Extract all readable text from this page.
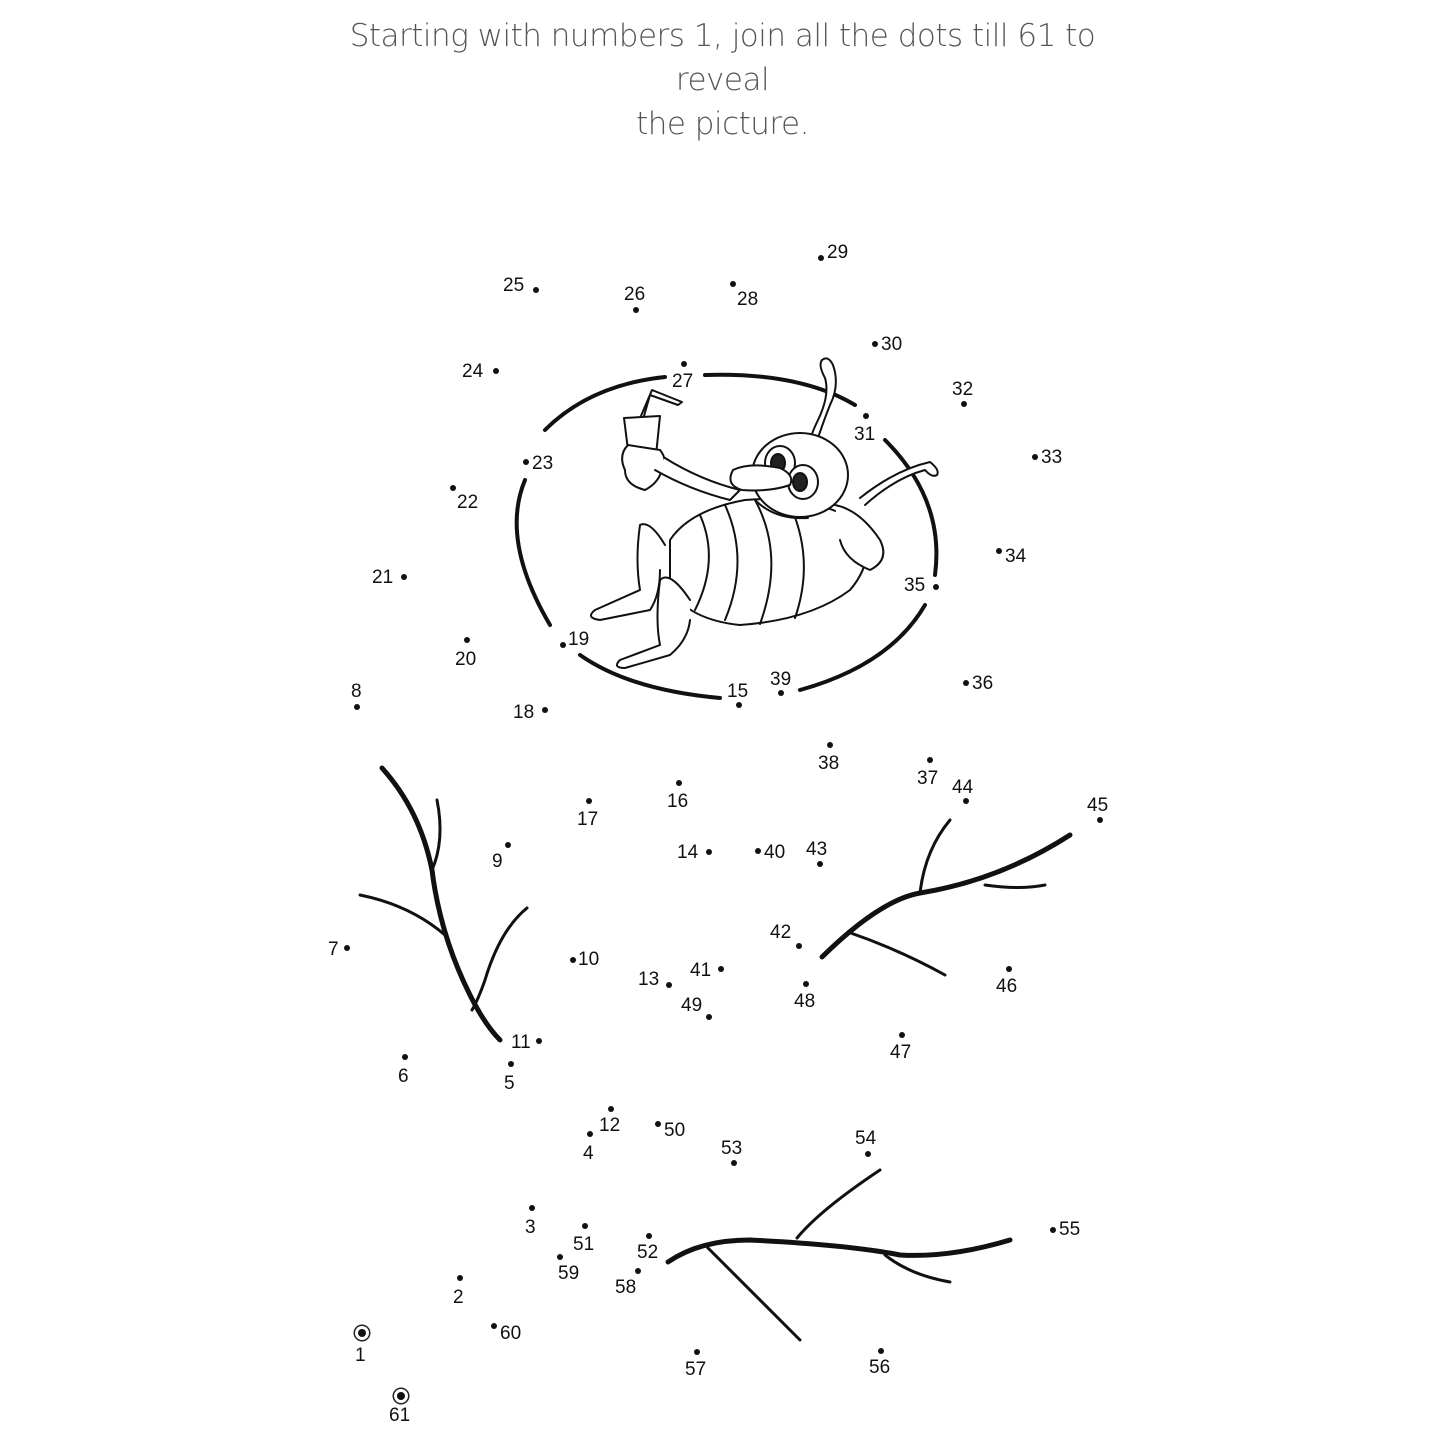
Starting with numbers 1, join all the dots till 61 to reveal
the picture.
1
2
3
4
5
6
7
8
9
10
11
12
13
14
15
16
17
18
19
20
21
22
23
24
25	26
27
28
29
30
31
32
33
34
35
36
37
38
39
40
41
42
43
44
45
46
47
48
49
50
51 52
53	54
55
56
57
58
59
60
61
